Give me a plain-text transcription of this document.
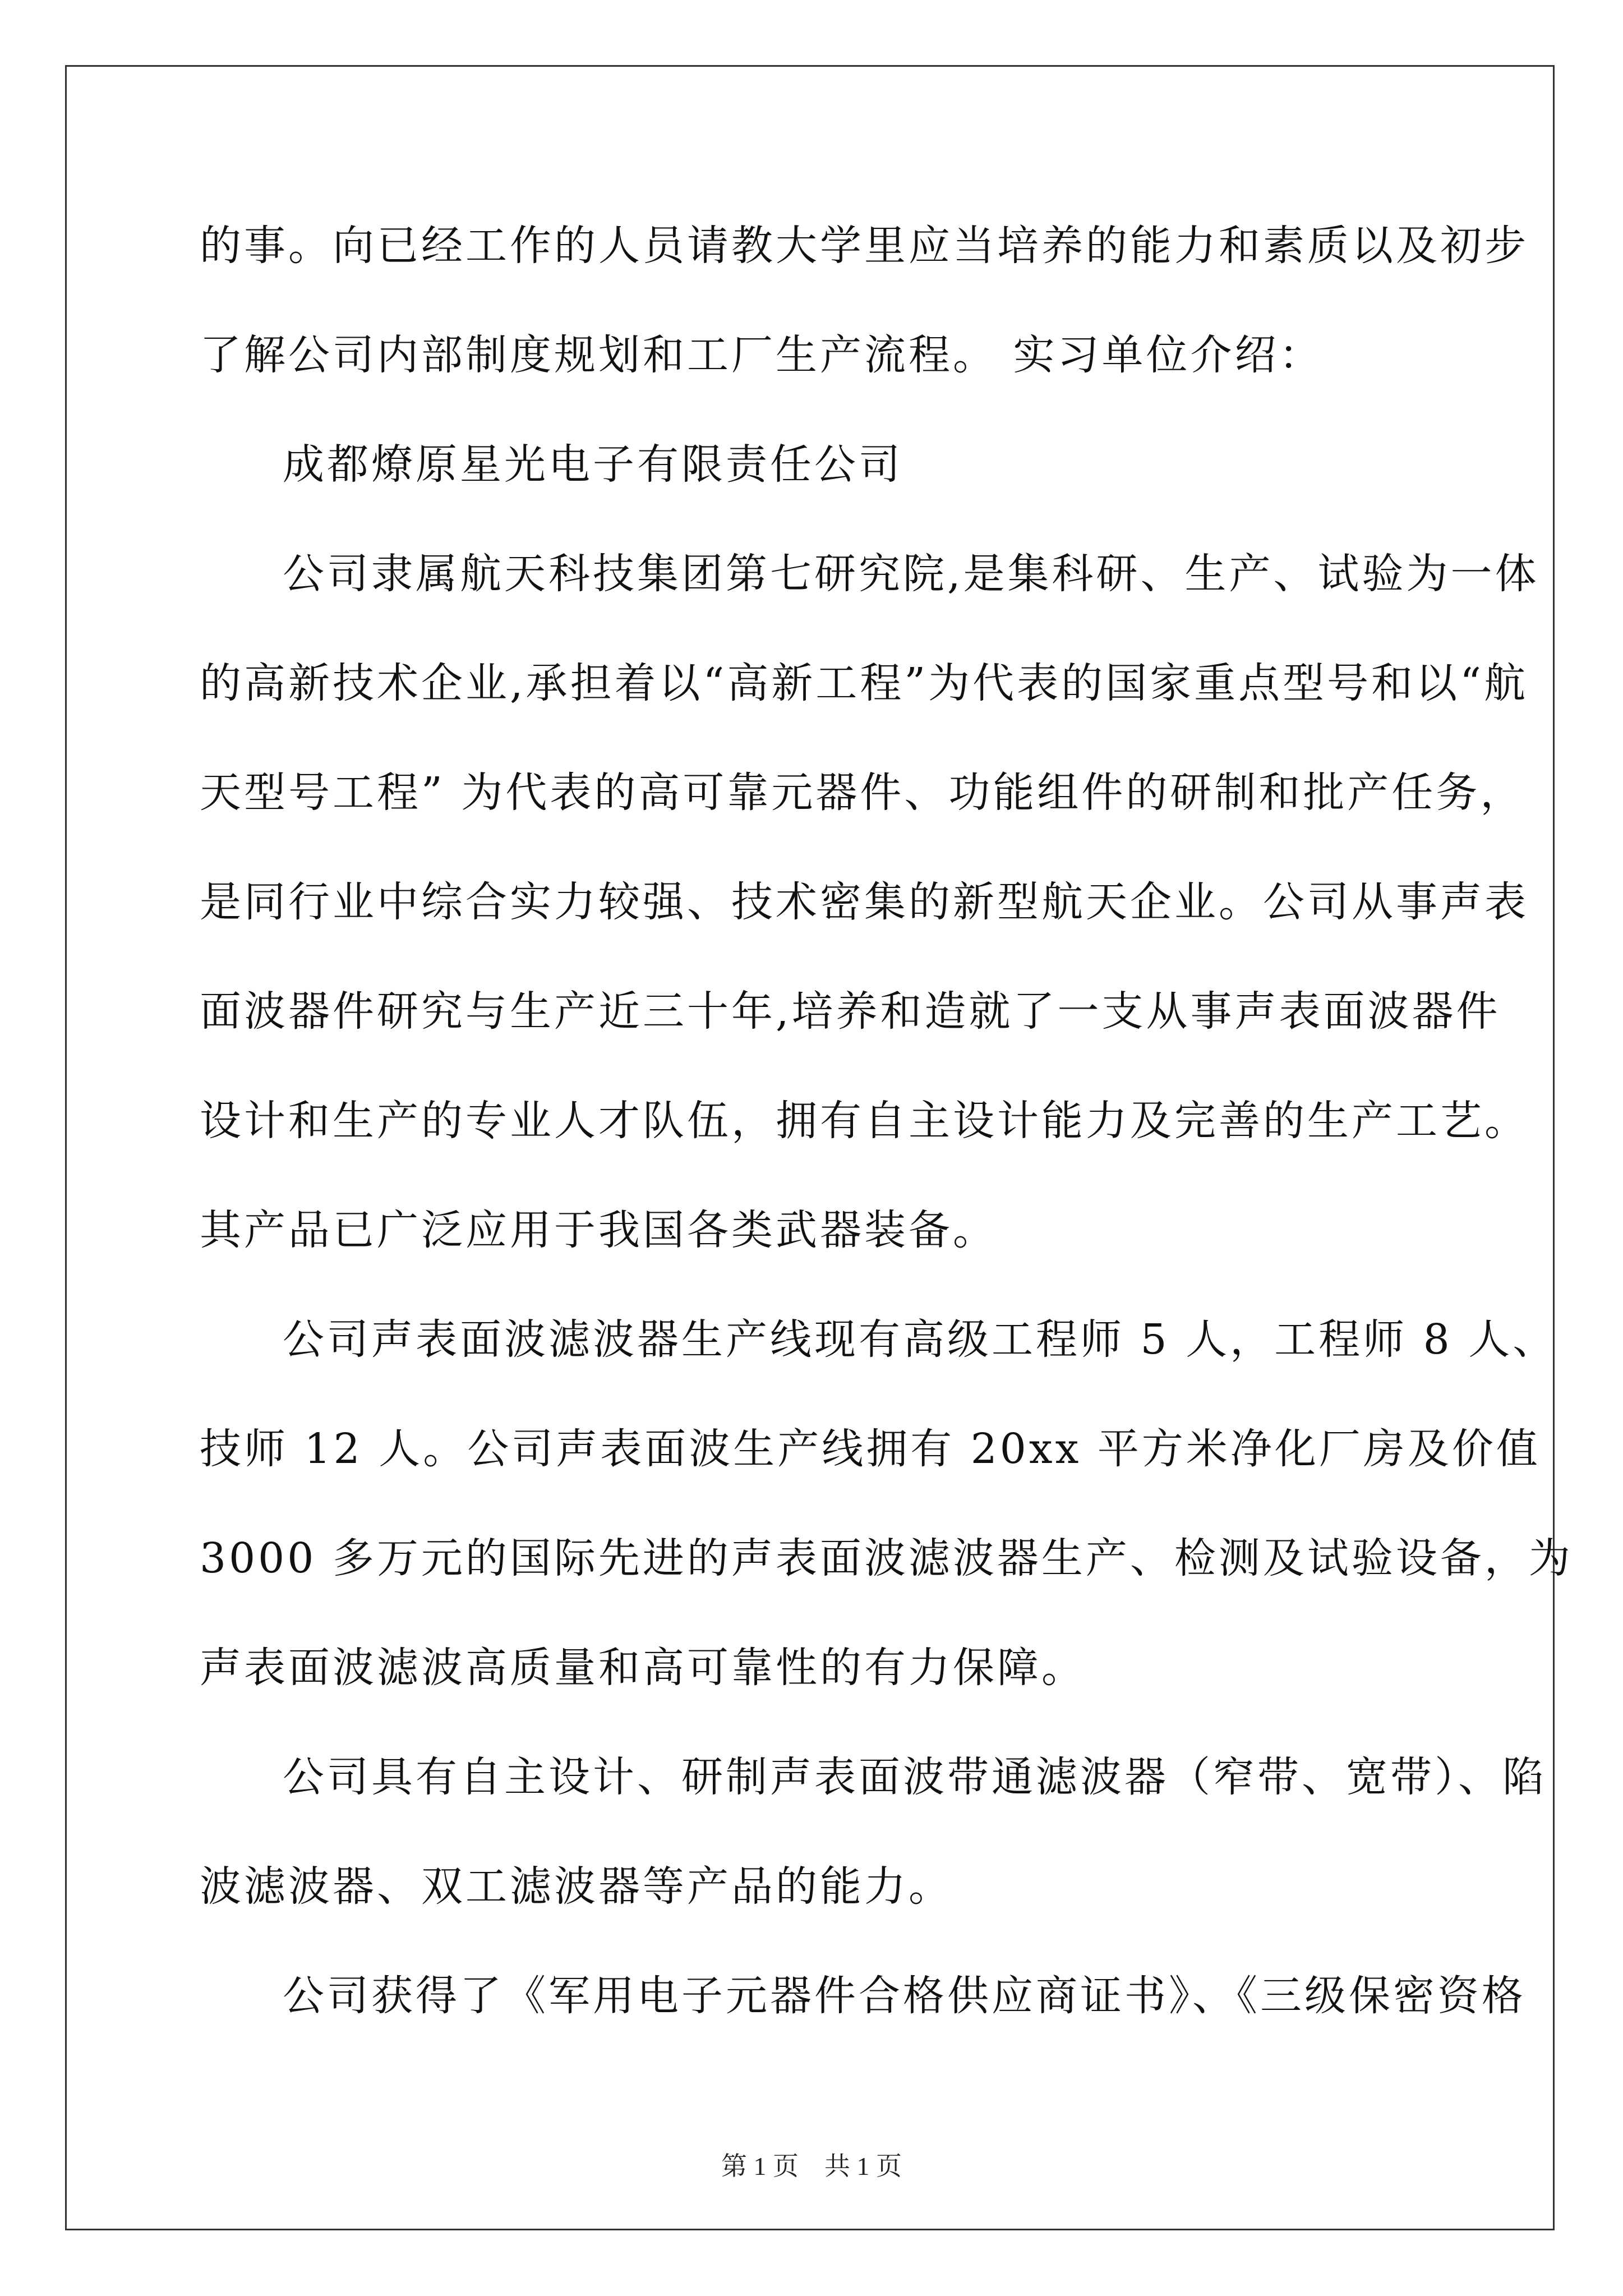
的事。向已经工作的人员请教大学里应当培养的能力和素质以及初步
了解公司内部制度规划和工厂生产流程。 实习单位介绍：
成都燎原星光电子有限责任公司
公司隶属航天科技集团第七研究院,是集科研、生产、试验为一体
的高新技术企业,承担着以“高新工程”为代表的国家重点型号和以“航
天型号工程” 为代表的高可靠元器件、功能组件的研制和批产任务，
是同行业中综合实力较强、技术密集的新型航天企业。公司从事声表
面波器件研究与生产近三十年,培养和造就了一支从事声表面波器件
设计和生产的专业人才队伍，拥有自主设计能力及完善的生产工艺。
其产品已广泛应用于我国各类武器装备。
公司声表面波滤波器生产线现有高级工程师 5 人，工程师 8 人、
技师 12 人。公司声表面波生产线拥有 20xx 平方米净化厂房及价值
3000 多万元的国际先进的声表面波滤波器生产、检测及试验设备，为
声表面波滤波高质量和高可靠性的有力保障。
公司具有自主设计、研制声表面波带通滤波器（窄带、宽带）、陷
波滤波器、双工滤波器等产品的能力。
公司获得了《军用电子元器件合格供应商证书》、《三级保密资格
第 1 页　共 1 页
